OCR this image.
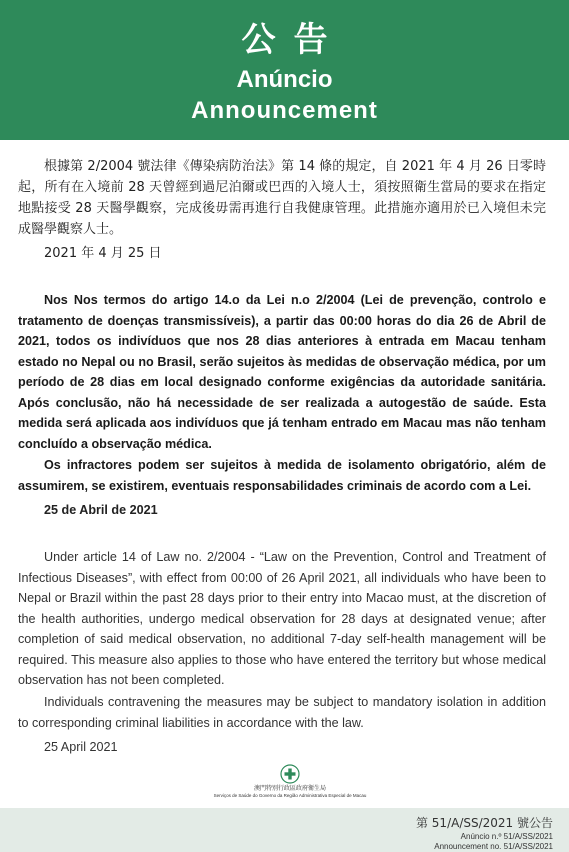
公告
Anúncio
Announcement

根據第 2/2004 號法律《傳染病防治法》第 14 條的規定，自 2021 年 4 月 26 日零時起，所有在入境前 28 天曾經到過尼泊爾或巴西的入境人士，須按照衛生當局的要求在指定地點接受 28 天醫學觀察，完成後毋需再進行自我健康管理。此措施亦適用於已入境但未完成醫學觀察人士。

2021 年 4 月 25 日

Nos Nos termos do artigo 14.o da Lei n.o 2/2004 (Lei de prevenção, controlo e tratamento de doenças transmissíveis), a partir das 00:00 horas do dia 26 de Abril de 2021, todos os indivíduos que nos 28 dias anteriores à entrada em Macau tenham estado no Nepal ou no Brasil, serão sujeitos às medidas de observação médica, por um período de 28 dias em local designado conforme exigências da autoridade sanitária. Após conclusão, não há necessidade de ser realizada a autogestão de saúde. Esta medida será aplicada aos indivíduos que já tenham entrado em Macau mas não tenham concluído a observação médica.

Os infractores podem ser sujeitos à medida de isolamento obrigatório, além de assumirem, se existirem, eventuais responsabilidades criminais de acordo com a Lei.

25 de Abril de 2021

Under article 14 of Law no. 2/2004 - “Law on the Prevention, Control and Treatment of Infectious Diseases”, with effect from 00:00 of 26 April 2021, all individuals who have been to Nepal or Brazil within the past 28 days prior to their entry into Macao must, at the discretion of the health authorities, undergo medical observation for 28 days at designated venue; after completion of said medical observation, no additional 7-day self-health management will be required. This measure also applies to those who have entered the territory but whose medical observation has not been completed.

Individuals contravening the measures may be subject to mandatory isolation in addition to corresponding criminal liabilities in accordance with the law.

25 April 2021

澳門特別行政區政府衛生局
Serviços de Saúde do Governo da Região Administrativa Especial de Macau
第 51/A/SS/2021 號公告
Anúncio n.º 51/A/SS/2021
Announcement no. 51/A/SS/2021
